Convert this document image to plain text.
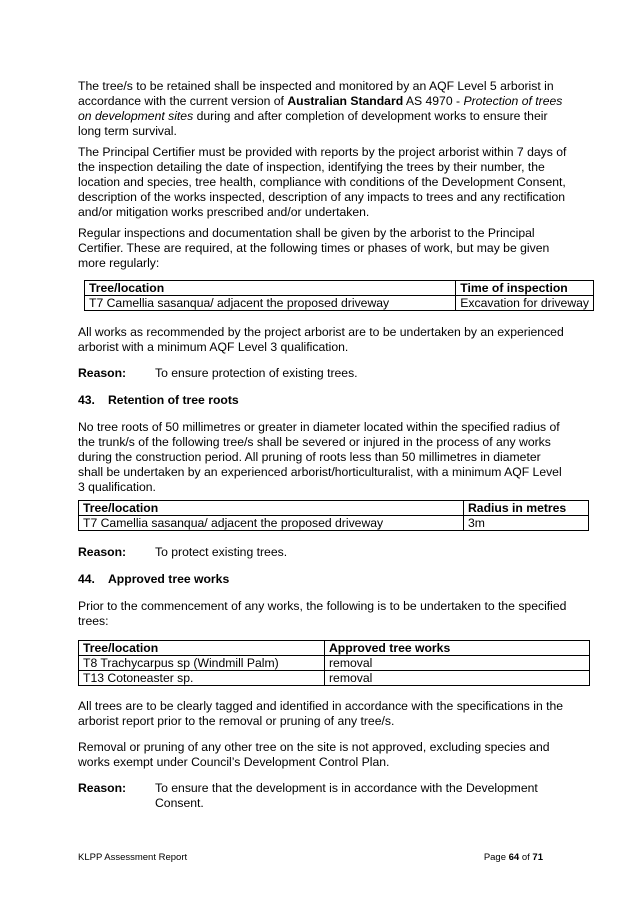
The tree/s to be retained shall be inspected and monitored by an AQF Level 5 arborist in accordance with the current version of Australian Standard AS 4970 - Protection of trees on development sites during and after completion of development works to ensure their long term survival.

The Principal Certifier must be provided with reports by the project arborist within 7 days of the inspection detailing the date of inspection, identifying the trees by their number, the location and species, tree health, compliance with conditions of the Development Consent, description of the works inspected, description of any impacts to trees and any rectification and/or mitigation works prescribed and/or undertaken.

Regular inspections and documentation shall be given by the arborist to the Principal Certifier. These are required, at the following times or phases of work, but may be given more regularly:

Tree/location	Time of inspection
T7 Camellia sasanqua/ adjacent the proposed driveway	Excavation for driveway

All works as recommended by the project arborist are to be undertaken by an experienced arborist with a minimum AQF Level 3 qualification.

Reason: To ensure protection of existing trees.
43. Retention of tree roots

No tree roots of 50 millimetres or greater in diameter located within the specified radius of the trunk/s of the following tree/s shall be severed or injured in the process of any works during the construction period. All pruning of roots less than 50 millimetres in diameter shall be undertaken by an experienced arborist/horticulturalist, with a minimum AQF Level 3 qualification.

Tree/location	Radius in metres
T7 Camellia sasanqua/ adjacent the proposed driveway	3m
Reason: To protect existing trees.
44. Approved tree works

Prior to the commencement of any works, the following is to be undertaken to the specified trees:

Tree/location	Approved tree works
T8 Trachycarpus sp (Windmill Palm)	removal
T13 Cotoneaster sp.	removal

All trees are to be clearly tagged and identified in accordance with the specifications in the arborist report prior to the removal or pruning of any tree/s.

Removal or pruning of any other tree on the site is not approved, excluding species and works exempt under Council’s Development Control Plan.

Reason: To ensure that the development is in accordance with the Development Consent.
KLPP Assessment Report	Page 64 of 71
